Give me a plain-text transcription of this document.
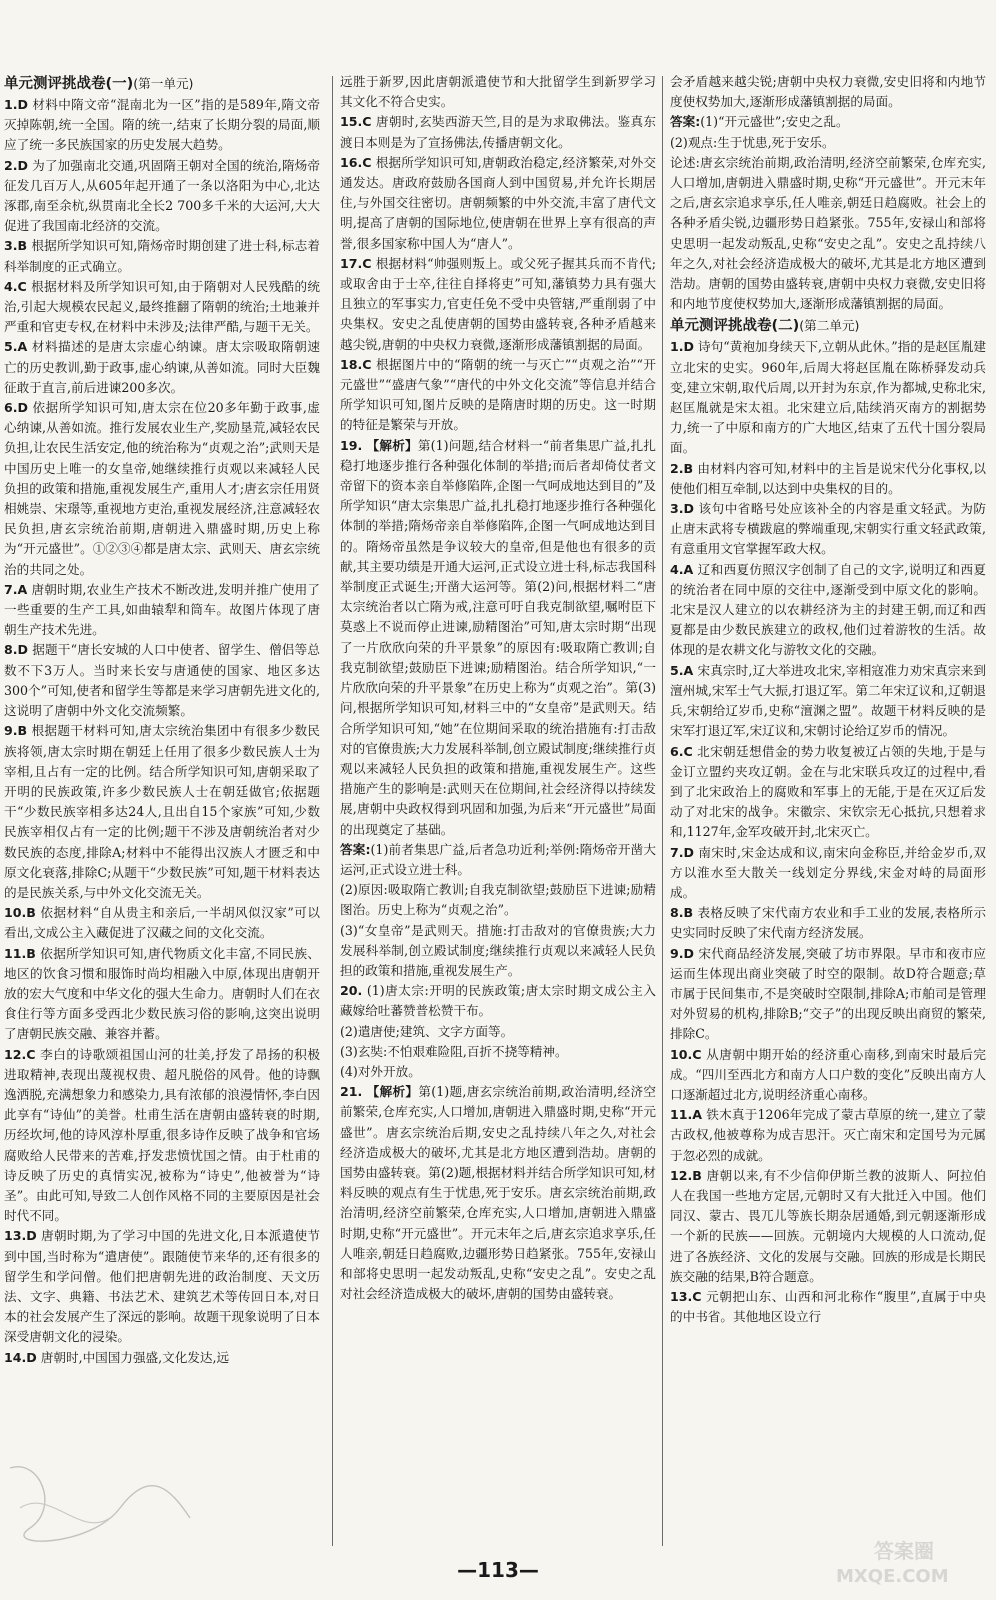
单元测评挑战卷(一)(第一单元)

1.D 材料中隋文帝“混南北为一区”指的是589年,隋文帝灭掉陈朝,统一全国。隋的统一,结束了长期分裂的局面,顺应了统一多民族国家的历史发展大趋势。

2.D 为了加强南北交通,巩固隋王朝对全国的统治,隋炀帝征发几百万人,从605年起开通了一条以洛阳为中心,北达涿郡,南至余杭,纵贯南北全长2 700多千米的大运河,大大促进了我国南北经济的交流。

3.B 根据所学知识可知,隋炀帝时期创建了进士科,标志着科举制度的正式确立。

4.C 根据材料及所学知识可知,由于隋朝对人民残酷的统治,引起大规模农民起义,最终推翻了隋朝的统治;土地兼并严重和官吏专权,在材料中未涉及;法律严酷,与题干无关。

5.A 材料描述的是唐太宗虚心纳谏。唐太宗吸取隋朝速亡的历史教训,勤于政事,虚心纳谏,从善如流。同时大臣魏征敢于直言,前后进谏200多次。

6.D 依据所学知识可知,唐太宗在位20多年勤于政事,虚心纳谏,从善如流。推行发展农业生产,奖励垦荒,减轻农民负担,让农民生活安定,他的统治称为“贞观之治”;武则天是中国历史上唯一的女皇帝,她继续推行贞观以来减轻人民负担的政策和措施,重视发展生产,重用人才;唐玄宗任用贤相姚崇、宋璟等,重视地方吏治,重视发展经济,注意减轻农民负担,唐玄宗统治前期,唐朝进入鼎盛时期,历史上称为“开元盛世”。①②③④都是唐太宗、武则天、唐玄宗统治的共同之处。

7.A 唐朝时期,农业生产技术不断改进,发明并推广使用了一些重要的生产工具,如曲辕犁和筒车。故图片体现了唐朝生产技术先进。

8.D 据题干“唐长安城的人口中使者、留学生、僧侣等总数不下3万人。当时来长安与唐通使的国家、地区多达300个”可知,使者和留学生等都是来学习唐朝先进文化的,这说明了唐朝中外文化交流频繁。

9.B 根据题干材料可知,唐太宗统治集团中有很多少数民族将领,唐太宗时期在朝廷上任用了很多少数民族人士为宰相,且占有一定的比例。结合所学知识可知,唐朝采取了开明的民族政策,许多少数民族人士在朝廷做官;依据题干“少数民族宰相多达24人,且出自15个家族”可知,少数民族宰相仅占有一定的比例;题干不涉及唐朝统治者对少数民族的态度,排除A;材料中不能得出汉族人才匮乏和中原文化衰落,排除C;从题干“少数民族”可知,题干材料表达的是民族关系,与中外文化交流无关。

10.B 依据材料“自从贵主和亲后,一半胡风似汉家”可以看出,文成公主入藏促进了汉藏之间的文化交流。

11.B 依据所学知识可知,唐代物质文化丰富,不同民族、地区的饮食习惯和服饰时尚均相融入中原,体现出唐朝开放的宏大气度和中华文化的强大生命力。唐朝时人们在衣食住行等方面多受西北少数民族习俗的影响,这突出说明了唐朝民族交融、兼容并蓄。

12.C 李白的诗歌颂祖国山河的壮美,抒发了昂扬的积极进取精神,表现出蔑视权贵、超凡脱俗的风骨。他的诗飘逸洒脱,充满想象力和感染力,具有浓郁的浪漫情怀,李白因此享有“诗仙”的美誉。杜甫生活在唐朝由盛转衰的时期,历经坎坷,他的诗风淳朴厚重,很多诗作反映了战争和官场腐败给人民带来的苦难,抒发悲愤忧国之情。由于杜甫的诗反映了历史的真情实况,被称为“诗史”,他被誉为“诗圣”。由此可知,导致二人创作风格不同的主要原因是社会时代不同。

13.D 唐朝时期,为了学习中国的先进文化,日本派遣使节到中国,当时称为“遣唐使”。跟随使节来华的,还有很多的留学生和学问僧。他们把唐朝先进的政治制度、天文历法、文字、典籍、书法艺术、建筑艺术等传回日本,对日本的社会发展产生了深远的影响。故题干现象说明了日本深受唐朝文化的浸染。

14.D 唐朝时,中国国力强盛,文化发达,远

远胜于新罗,因此唐朝派遣使节和大批留学生到新罗学习其文化不符合史实。

15.C 唐朝时,玄奘西游天竺,目的是为求取佛法。鉴真东渡日本则是为了宣扬佛法,传播唐朝文化。

16.C 根据所学知识可知,唐朝政治稳定,经济繁荣,对外交通发达。唐政府鼓励各国商人到中国贸易,并允许长期居住,与外国交往密切。唐朝频繁的中外交流,丰富了唐代文明,提高了唐朝的国际地位,使唐朝在世界上享有很高的声誉,很多国家称中国人为“唐人”。

17.C 根据材料“帅强则叛上。或父死子握其兵而不肯代;或取舍由于士卒,往往自择将吏”可知,藩镇势力具有强大且独立的军事实力,官吏任免不受中央管辖,严重削弱了中央集权。安史之乱使唐朝的国势由盛转衰,各种矛盾越来越尖锐,唐朝的中央权力衰微,逐渐形成藩镇割据的局面。

18.C 根据图片中的“隋朝的统一与灭亡”“贞观之治”“开元盛世”“盛唐气象”“唐代的中外文化交流”等信息并结合所学知识可知,图片反映的是隋唐时期的历史。这一时期的特征是繁荣与开放。

19. 【解析】第(1)问题,结合材料一“前者集思广益,扎扎稳打地逐步推行各种强化体制的举措;而后者却倚仗者文帝留下的资本亲自举修陷阵,企图一气呵成地达到目的”及所学知识“唐太宗集思广益,扎扎稳打地逐步推行各种强化体制的举措;隋炀帝亲自举修陷阵,企图一气呵成地达到目的。隋炀帝虽然是争议较大的皇帝,但是他也有很多的贡献,其主要功绩是开通大运河,正式设立进士科,标志我国科举制度正式诞生;开凿大运河等。第(2)问,根据材料二“唐太宗统治者以亡隋为戒,注意可吁自我克制欲望,嘱咐臣下莫惑上不说而停止进谏,励精图治”可知,唐太宗时期“出现了一片欣欣向荣的升平景象”的原因有:吸取隋亡教训;自我克制欲望;鼓励臣下进谏;励精图治。结合所学知识,“一片欣欣向荣的升平景象”在历史上称为“贞观之治”。第(3)问,根据所学知识可知,材料三中的“女皇帝”是武则天。结合所学知识可知,“她”在位期间采取的统治措施有:打击敌对的官僚贵族;大力发展科举制,创立殿试制度;继续推行贞观以来减轻人民负担的政策和措施,重视发展生产。这些措施产生的影响是:武则天在位期间,社会经济得以持续发展,唐朝中央政权得到巩固和加强,为后来“开元盛世”局面的出现奠定了基础。

答案:(1)前者集思广益,后者急功近利;举例:隋炀帝开凿大运河,正式设立进士科。

(2)原因:吸取隋亡教训;自我克制欲望;鼓励臣下进谏;励精图治。历史上称为“贞观之治”。

(3)“女皇帝”是武则天。措施:打击敌对的官僚贵族;大力发展科举制,创立殿试制度;继续推行贞观以来减轻人民负担的政策和措施,重视发展生产。

20. (1)唐太宗:开明的民族政策;唐太宗时期文成公主入藏嫁给吐蕃赞普松赞干布。

(2)遣唐使;建筑、文字方面等。

(3)玄奘:不怕艰难险阻,百折不挠等精神。

(4)对外开放。

21. 【解析】第(1)题,唐玄宗统治前期,政治清明,经济空前繁荣,仓库充实,人口增加,唐朝进入鼎盛时期,史称“开元盛世”。唐玄宗统治后期,安史之乱持续八年之久,对社会经济造成极大的破坏,尤其是北方地区遭到浩劫。唐朝的国势由盛转衰。第(2)题,根据材料并结合所学知识可知,材料反映的观点有生于忧患,死于安乐。唐玄宗统治前期,政治清明,经济空前繁荣,仓库充实,人口增加,唐朝进入鼎盛时期,史称“开元盛世”。开元末年之后,唐玄宗追求享乐,任人唯亲,朝廷日趋腐败,边疆形势日趋紧张。755年,安禄山和部将史思明一起发动叛乱,史称“安史之乱”。安史之乱对社会经济造成极大的破坏,唐朝的国势由盛转衰。

会矛盾越来越尖锐;唐朝中央权力衰微,安史旧将和内地节度使权势加大,逐渐形成藩镇割据的局面。

答案:(1)“开元盛世”;安史之乱。

(2)观点:生于忧患,死于安乐。

论述:唐玄宗统治前期,政治清明,经济空前繁荣,仓库充实,人口增加,唐朝进入鼎盛时期,史称“开元盛世”。开元末年之后,唐玄宗追求享乐,任人唯亲,朝廷日趋腐败。社会上的各种矛盾尖锐,边疆形势日趋紧张。755年,安禄山和部将史思明一起发动叛乱,史称“安史之乱”。安史之乱持续八年之久,对社会经济造成极大的破坏,尤其是北方地区遭到浩劫。唐朝的国势由盛转衰,唐朝中央权力衰微,安史旧将和内地节度使权势加大,逐渐形成藩镇割据的局面。

单元测评挑战卷(二)(第二单元)

1.D 诗句“黄袍加身续天下,立朝从此休。”指的是赵匡胤建立北宋的史实。960年,后周大将赵匡胤在陈桥驿发动兵变,建立宋朝,取代后周,以开封为东京,作为都城,史称北宋,赵匡胤就是宋太祖。北宋建立后,陆续消灭南方的割据势力,统一了中原和南方的广大地区,结束了五代十国分裂局面。

2.B 由材料内容可知,材料中的主旨是说宋代分化事权,以使他们相互牵制,以达到中央集权的目的。

3.D 该句中省略号处应该补全的内容是重文轻武。为防止唐末武将专横跋扈的弊端重现,宋朝实行重文轻武政策,有意重用文官掌握军政大权。

4.A 辽和西夏仿照汉字创制了自己的文字,说明辽和西夏的统治者在同中原的交往中,逐渐受到中原文化的影响。北宋是汉人建立的以农耕经济为主的封建王朝,而辽和西夏都是由少数民族建立的政权,他们过着游牧的生活。故体现的是农耕文化与游牧文化的交融。

5.A 宋真宗时,辽大举进攻北宋,宰相寇准力劝宋真宗来到澶州城,宋军士气大振,打退辽军。第二年宋辽议和,辽朝退兵,宋朝给辽岁币,史称“澶渊之盟”。故题干材料反映的是宋军打退辽军,宋辽议和,宋朝讨论给辽岁币的情况。

6.C 北宋朝廷想借金的势力收复被辽占领的失地,于是与金订立盟约夹攻辽朝。金在与北宋联兵攻辽的过程中,看到了北宋政治上的腐败和军事上的无能,于是在灭辽后发动了对北宋的战争。宋徽宗、宋钦宗无心抵抗,只想着求和,1127年,金军攻破开封,北宋灭亡。

7.D 南宋时,宋金达成和议,南宋向金称臣,并给金岁币,双方以淮水至大散关一线划定分界线,宋金对峙的局面形成。

8.B 表格反映了宋代南方农业和手工业的发展,表格所示史实同时反映了宋代南方经济发展。

9.D 宋代商品经济发展,突破了坊市界限。早市和夜市应运而生体现出商业突破了时空的限制。故D符合题意;草市属于民间集市,不是突破时空限制,排除A;市舶司是管理对外贸易的机构,排除B;“交子”的出现反映出商贸的繁荣,排除C。

10.C 从唐朝中期开始的经济重心南移,到南宋时最后完成。“四川至西北方和南方人口户数的变化”反映出南方人口逐渐超过北方,说明经济重心南移。

11.A 铁木真于1206年完成了蒙古草原的统一,建立了蒙古政权,他被尊称为成吉思汗。灭亡南宋和定国号为元属于忽必烈的成就。

12.B 唐朝以来,有不少信仰伊斯兰教的波斯人、阿拉伯人在我国一些地方定居,元朝时又有大批迁入中国。他们同汉、蒙古、畏兀儿等族长期杂居通婚,到元朝逐渐形成一个新的民族——回族。元朝境内大规模的人口流动,促进了各族经济、文化的发展与交融。回族的形成是长期民族交融的结果,B符合题意。

13.C 元朝把山东、山西和河北称作“腹里”,直属于中央的中书省。其他地区设立行

—113—
答案圈
MXQE.COM
